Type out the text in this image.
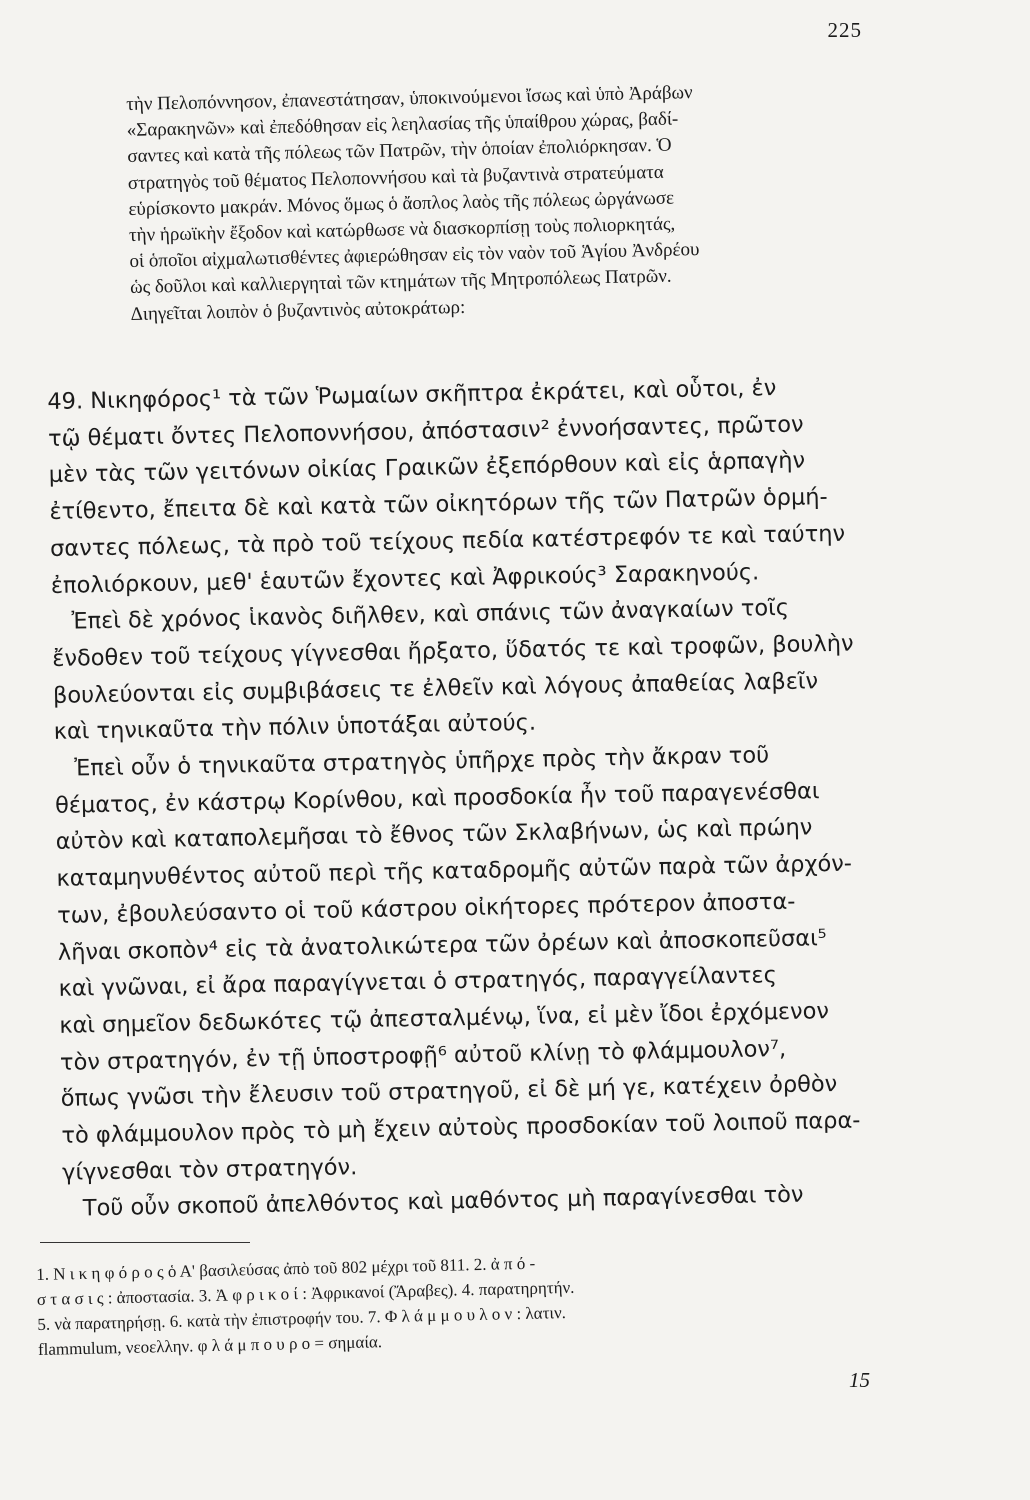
225
τὴν Πελοπόννησον, ἐπανεστάτησαν, ὑποκινούμενοι ἴσως καὶ ὑπὸ Ἀράβων
«Σαρακηνῶν» καὶ ἐπεδόθησαν εἰς λεηλασίας τῆς ὑπαίθρου χώρας, βαδί-
σαντες καὶ κατὰ τῆς πόλεως τῶν Πατρῶν, τὴν ὁποίαν ἐπολιόρκησαν. Ὁ
στρατηγὸς τοῦ θέματος Πελοποννήσου καὶ τὰ βυζαντινὰ στρατεύματα
εὑρίσκοντο μακράν. Μόνος ὅμως ὁ ἄοπλος λαὸς τῆς πόλεως ὠργάνωσε
τὴν ἡρωϊκὴν ἔξοδον καὶ κατώρθωσε νὰ διασκορπίσῃ τοὺς πολιορκητάς,
οἱ ὁποῖοι αἰχμαλωτισθέντες ἀφιερώθησαν εἰς τὸν ναὸν τοῦ Ἁγίου Ἀνδρέου
ὡς δοῦλοι καὶ καλλιεργηταὶ τῶν κτημάτων τῆς Μητροπόλεως Πατρῶν.
Διηγεῖται λοιπὸν ὁ βυζαντινὸς αὐτοκράτωρ:
49. Νικηφόρος¹ τὰ τῶν Ῥωμαίων σκῆπτρα ἐκράτει, καὶ οὗτοι, ἐν
τῷ θέματι ὄντες Πελοποννήσου, ἀπόστασιν² ἐννοήσαντες, πρῶτον
μὲν τὰς τῶν γειτόνων οἰκίας Γραικῶν ἐξεπόρθουν καὶ εἰς ἁρπαγὴν
ἐτίθεντο, ἔπειτα δὲ καὶ κατὰ τῶν οἰκητόρων τῆς τῶν Πατρῶν ὁρμή-
σαντες πόλεως, τὰ πρὸ τοῦ τείχους πεδία κατέστρεφόν τε καὶ ταύτην
ἐπολιόρκουν, μεθ' ἑαυτῶν ἔχοντες καὶ Ἀφρικούς³ Σαρακηνούς.
Ἐπεὶ δὲ χρόνος ἱκανὸς διῆλθεν, καὶ σπάνις τῶν ἀναγκαίων τοῖς
ἔνδοθεν τοῦ τείχους γίγνεσθαι ἤρξατο, ὕδατός τε καὶ τροφῶν, βουλὴν
βουλεύονται εἰς συμβιβάσεις τε ἐλθεῖν καὶ λόγους ἀπαθείας λαβεῖν
καὶ τηνικαῦτα τὴν πόλιν ὑποτάξαι αὐτούς.
Ἐπεὶ οὖν ὁ τηνικαῦτα στρατηγὸς ὑπῆρχε πρὸς τὴν ἄκραν τοῦ
θέματος, ἐν κάστρῳ Κορίνθου, καὶ προσδοκία ἦν τοῦ παραγενέσθαι
αὐτὸν καὶ καταπολεμῆσαι τὸ ἔθνος τῶν Σκλαβήνων, ὡς καὶ πρώην
καταμηνυθέντος αὐτοῦ περὶ τῆς καταδρομῆς αὐτῶν παρὰ τῶν ἀρχόν-
των, ἐβουλεύσαντο οἱ τοῦ κάστρου οἰκήτορες πρότερον ἀποστα-
λῆναι σκοπὸν⁴ εἰς τὰ ἀνατολικώτερα τῶν ὀρέων καὶ ἀποσκοπεῦσαι⁵
καὶ γνῶναι, εἰ ἄρα παραγίγνεται ὁ στρατηγός, παραγγείλαντες
καὶ σημεῖον δεδωκότες τῷ ἀπεσταλμένῳ, ἵνα, εἰ μὲν ἴδοι ἐρχόμενον
τὸν στρατηγόν, ἐν τῇ ὑποστροφῇ⁶ αὐτοῦ κλίνῃ τὸ φλάμμουλον⁷,
ὅπως γνῶσι τὴν ἔλευσιν τοῦ στρατηγοῦ, εἰ δὲ μή γε, κατέχειν ὀρθὸν
τὸ φλάμμουλον πρὸς τὸ μὴ ἔχειν αὐτοὺς προσδοκίαν τοῦ λοιποῦ παρα-
γίγνεσθαι τὸν στρατηγόν.
Τοῦ οὖν σκοποῦ ἀπελθόντος καὶ μαθόντος μὴ παραγίνεσθαι τὸν
1. Ν ι κ η φ ό ρ ο ς ὁ Α' βασιλεύσας ἀπὸ τοῦ 802 μέχρι τοῦ 811. 2. ἀ π ό -
σ τ α σ ι ς : ἀποστασία. 3. Ἀ φ ρ ι κ ο ί : Ἀφρικανοί (Ἄραβες). 4. παρατηρητήν.
5. νὰ παρατηρήσῃ. 6. κατὰ τὴν ἐπιστροφήν του. 7. Φ λ ά μ μ ο υ λ ο ν : λατιν.
flammulum, νεοελλην. φ λ ά μ π ο υ ρ ο = σημαία.
15
